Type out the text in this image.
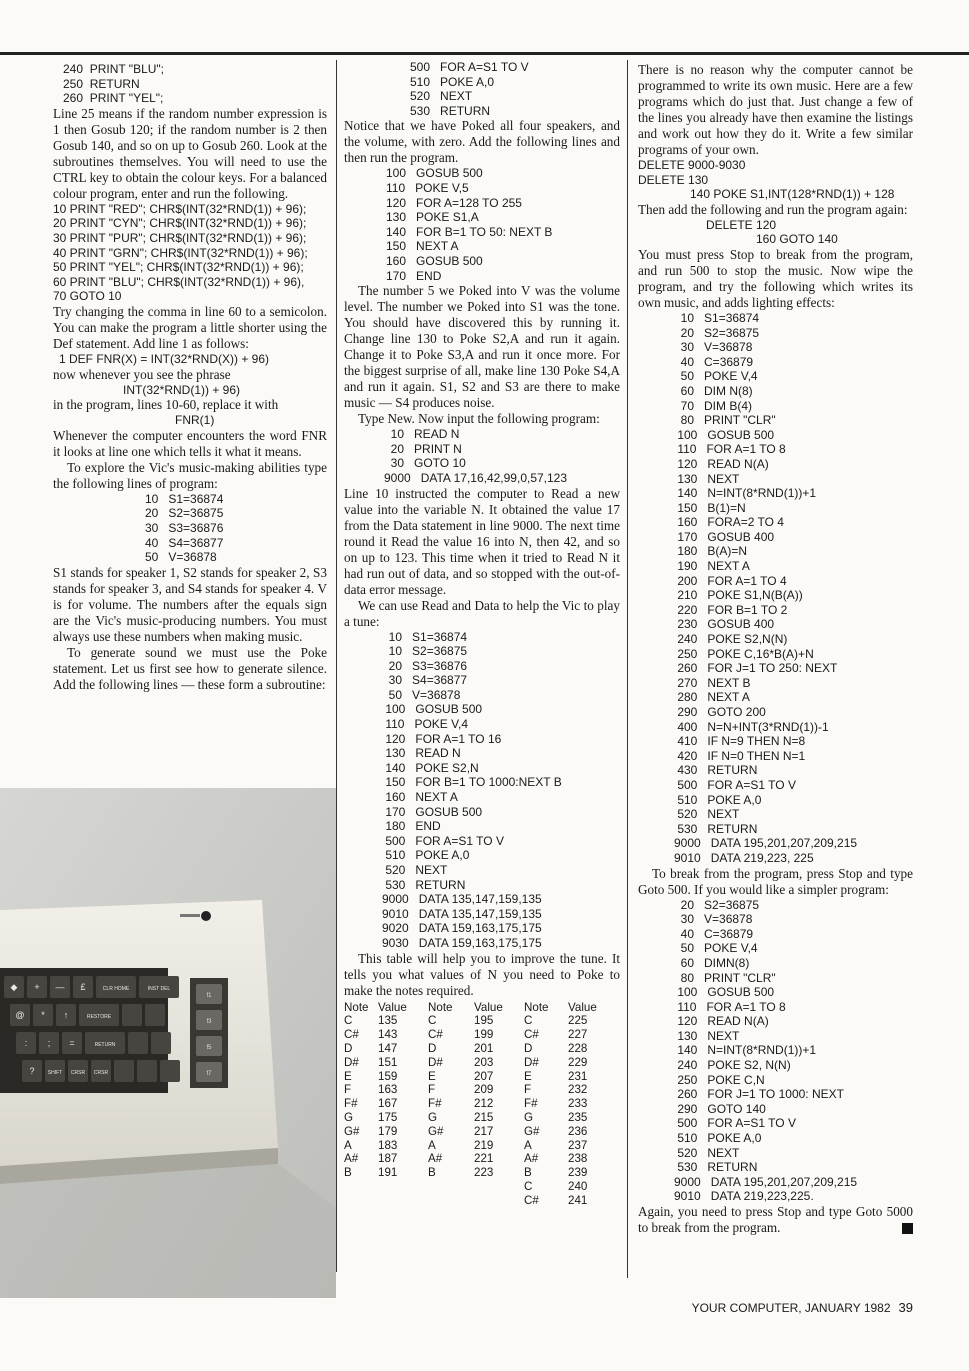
240  PRINT "BLU";
250  RETURN
260  PRINT "YEL";

Line 25 means if the random number expression is 1 then Gosub 120; if the random number is 2 then Gosub 140, and so on up to Gosub 260. Look at the subroutines themselves. You will need to use the CTRL key to obtain the colour keys. For a balanced colour program, enter and run the following.

10 PRINT "RED"; CHR$(INT(32*RND(1)) + 96);
20 PRINT "CYN"; CHR$(INT(32*RND(1)) + 96);
30 PRINT "PUR"; CHR$(INT(32*RND(1)) + 96);
40 PRINT "GRN"; CHR$(INT(32*RND(1)) + 96);
50 PRINT "YEL"; CHR$(INT(32*RND(1)) + 96);
60 PRINT "BLU"; CHR$(INT(32*RND(1)) + 96),
70 GOTO 10

Try changing the comma in line 60 to a semicolon. You can make the program a little shorter using the Def statement. Add line 1 as follows:

1 DEF FNR(X) = INT(32*RND(X)) + 96)

now whenever you see the phrase

INT(32*RND(1)) + 96)

in the program, lines 10-60, replace it with

FNR(1)

Whenever the computer encounters the word FNR it looks at line one which tells it what it means.

To explore the Vic's music-making abilities type the following lines of program:

10   S1=36874
20   S2=36875
30   S3=36876
40   S4=36877
50   V=36878

S1 stands for speaker 1, S2 stands for speaker 2, S3 stands for speaker 3, and S4 stands for speaker 4. V is for volume. The numbers after the equals sign are the Vic's music-producing numbers. You must always use these numbers when making music.

To generate sound we must use the Poke statement. Let us first see how to generate silence. Add the following lines — these form a subroutine:

f1
f3
f5
f7
◆ + — £	CLR HOME	INST DEL
@ * ↑	RESTORE
: ; =	RETURN
?	SHIFT CRSR CRSR
500   FOR A=S1 TO V
510   POKE A,0
520   NEXT
530   RETURN

Notice that we have Poked all four speakers, and the volume, with zero. Add the following lines and then run the program.

100   GOSUB 500
110   POKE V,5
120   FOR A=128 TO 255
130   POKE S1,A
140   FOR B=1 TO 50: NEXT B
150   NEXT A
160   GOSUB 500
170   END

The number 5 we Poked into V was the volume level. The number we Poked into S1 was the tone. You should have discovered this by running it. Change line 130 to Poke S2,A and run it again. Change it to Poke S3,A and run it once more. For the biggest surprise of all, make line 130 Poke S4,A and run it again. S1, S2 and S3 are there to make music — S4 produces noise.

Type New. Now input the following program:

10   READ N
20   PRINT N
30   GOTO 10
9000   DATA 17,16,42,99,0,57,123

Line 10 instructed the computer to Read a new value into the variable N. It obtained the value 17 from the Data statement in line 9000. The next time round it Read the value 16 into N, then 42, and so on up to 123. This time when it tried to Read N it had run out of data, and so stopped with the out-of-data error message.

We can use Read and Data to help the Vic to play a tune:

10   S1=36874
10   S2=36875
20   S3=36876
30   S4=36877
50   V=36878
100   GOSUB 500
110   POKE V,4
120   FOR A=1 TO 16
130   READ N
140   POKE S2,N
150   FOR B=1 TO 1000:NEXT B
160   NEXT A
170   GOSUB 500
180   END
500   FOR A=S1 TO V
510   POKE A,0
520   NEXT
530   RETURN
9000   DATA 135,147,159,135
9010   DATA 135,147,159,135
9020   DATA 159,163,175,175
9030   DATA 159,163,175,175

This table will help you to improve the tune. It tells you what values of N you need to Poke to make the notes required.

Note	Value	Note	Value	Note	Value
C	135	C	195	C	225
C#	143	C#	199	C#	227
D	147	D	201	D	228
D#	151	D#	203	D#	229
E	159	E	207	E	231
F	163	F	209	F	232
F#	167	F#	212	F#	233
G	175	G	215	G	235
G#	179	G#	217	G#	236
A	183	A	219	A	237
A#	187	A#	221	A#	238
B	191	B	223	B	239
				C	240
				C#	241

There is no reason why the computer cannot be programmed to write its own music. Here are a few programs which do just that. Just change a few of the lines you already have then examine the listings and work out how they do it. Write a few similar programs of your own.

DELETE 9000-9030
DELETE 130
140 POKE S1,INT(128*RND(1)) + 128

Then add the following and run the program again:

DELETE 120
160 GOTO 140

You must press Stop to break from the program, and run 500 to stop the music. Now wipe the program, and try the following which writes its own music, and adds lighting effects:

10   S1=36874
20   S2=36875
30   V=36878
40   C=36879
50   POKE V,4
60   DIM N(8)
70   DIM B(4)
80   PRINT "CLR"
100   GOSUB 500
110   FOR A=1 TO 8
120   READ N(A)
130   NEXT
140   N=INT(8*RND(1))+1
150   B(1)=N
160   FORA=2 TO 4
170   GOSUB 400
180   B(A)=N
190   NEXT A
200   FOR A=1 TO 4
210   POKE S1,N(B(A))
220   FOR B=1 TO 2
230   GOSUB 400
240   POKE S2,N(N)
250   POKE C,16*B(A)+N
260   FOR J=1 TO 250: NEXT
270   NEXT B
280   NEXT A
290   GOTO 200
400   N=N+INT(3*RND(1))-1
410   IF N=9 THEN N=8
420   IF N=0 THEN N=1
430   RETURN
500   FOR A=S1 TO V
510   POKE A,0
520   NEXT
530   RETURN
9000   DATA 195,201,207,209,215
9010   DATA 219,223, 225

To break from the program, press Stop and type Goto 500. If you would like a simpler program:

20   S2=36875
30   V=36878
40   C=36879
50   POKE V,4
60   DIMN(8)
80   PRINT "CLR"
100   GOSUB 500
110   FOR A=1 TO 8
120   READ N(A)
130   NEXT
140   N=INT(8*RND(1))+1
240   POKE S2, N(N)
250   POKE C,N
260   FOR J=1 TO 1000: NEXT
290   GOTO 140
500   FOR A=S1 TO V
510   POKE A,0
520   NEXT
530   RETURN
9000   DATA 195,201,207,209,215
9010   DATA 219,223,225.

Again, you need to press Stop and type Goto 5000 to break from the program.

YOUR COMPUTER, JANUARY 1982 39
